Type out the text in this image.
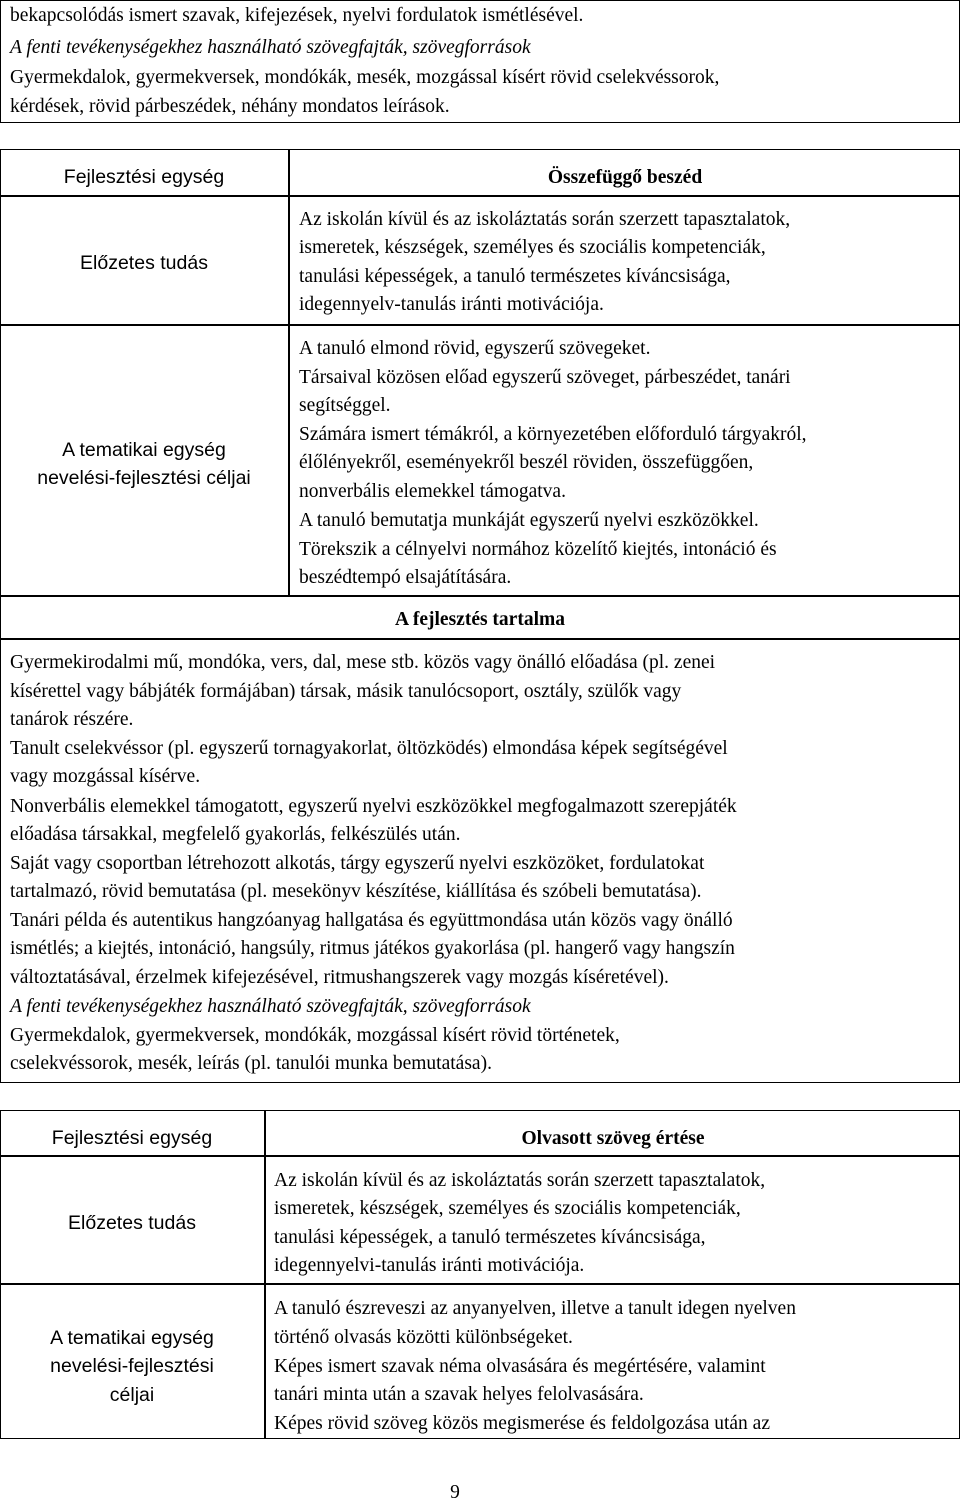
bekapcsolódás ismert szavak, kifejezések, nyelvi fordulatok ismétlésével.
A fenti tevékenységekhez használható szövegfajták, szövegforrások
Gyermekdalok, gyermekversek, mondókák, mesék, mozgással kísért rövid cselekvéssorok,
kérdések, rövid párbeszédek, néhány mondatos leírások.
Fejlesztési egység	Összefüggő beszéd
Előzetes tudás
Az iskolán kívül és az iskoláztatás során szerzett tapasztalatok,
ismeretek, készségek, személyes és szociális kompetenciák,
tanulási képességek, a tanuló természetes kíváncsisága,
idegennyelv-tanulás iránti motivációja.
A tematikai egység
nevelési-fejlesztési céljai
A tanuló elmond rövid, egyszerű szövegeket.
Társaival közösen előad egyszerű szöveget, párbeszédet, tanári
segítséggel.
Számára ismert témákról, a környezetében előforduló tárgyakról,
élőlényekről, eseményekről beszél röviden, összefüggően,
nonverbális elemekkel támogatva.
A tanuló bemutatja munkáját egyszerű nyelvi eszközökkel.
Törekszik a célnyelvi normához közelítő kiejtés, intonáció és
beszédtempó elsajátítására.
A fejlesztés tartalma
Gyermekirodalmi mű, mondóka, vers, dal, mese stb. közös vagy önálló előadása (pl. zenei
kísérettel vagy bábjáték formájában) társak, másik tanulócsoport, osztály, szülők vagy
tanárok részére.
Tanult cselekvéssor (pl. egyszerű tornagyakorlat, öltözködés) elmondása képek segítségével
vagy mozgással kísérve.
Nonverbális elemekkel támogatott, egyszerű nyelvi eszközökkel megfogalmazott szerepjáték
előadása társakkal, megfelelő gyakorlás, felkészülés után.
Saját vagy csoportban létrehozott alkotás, tárgy egyszerű nyelvi eszközöket, fordulatokat
tartalmazó, rövid bemutatása (pl. mesekönyv készítése, kiállítása és szóbeli bemutatása).
Tanári példa és autentikus hangzóanyag hallgatása és együttmondása után közös vagy önálló
ismétlés; a kiejtés, intonáció, hangsúly, ritmus játékos gyakorlása (pl. hangerő vagy hangszín
változtatásával, érzelmek kifejezésével, ritmushangszerek vagy mozgás kíséretével).
A fenti tevékenységekhez használható szövegfajták, szövegforrások
Gyermekdalok, gyermekversek, mondókák, mozgással kísért rövid történetek,
cselekvéssorok, mesék, leírás (pl. tanulói munka bemutatása).
Fejlesztési egység	Olvasott szöveg értése
Előzetes tudás
Az iskolán kívül és az iskoláztatás során szerzett tapasztalatok,
ismeretek, készségek, személyes és szociális kompetenciák,
tanulási képességek, a tanuló természetes kíváncsisága,
idegennyelvi-tanulás iránti motivációja.
A tematikai egység
nevelési-fejlesztési
céljai
A tanuló észreveszi az anyanyelven, illetve a tanult idegen nyelven
történő olvasás közötti különbségeket.
Képes ismert szavak néma olvasására és megértésére, valamint
tanári minta után a szavak helyes felolvasására.
Képes rövid szöveg közös megismerése és feldolgozása után az
9
